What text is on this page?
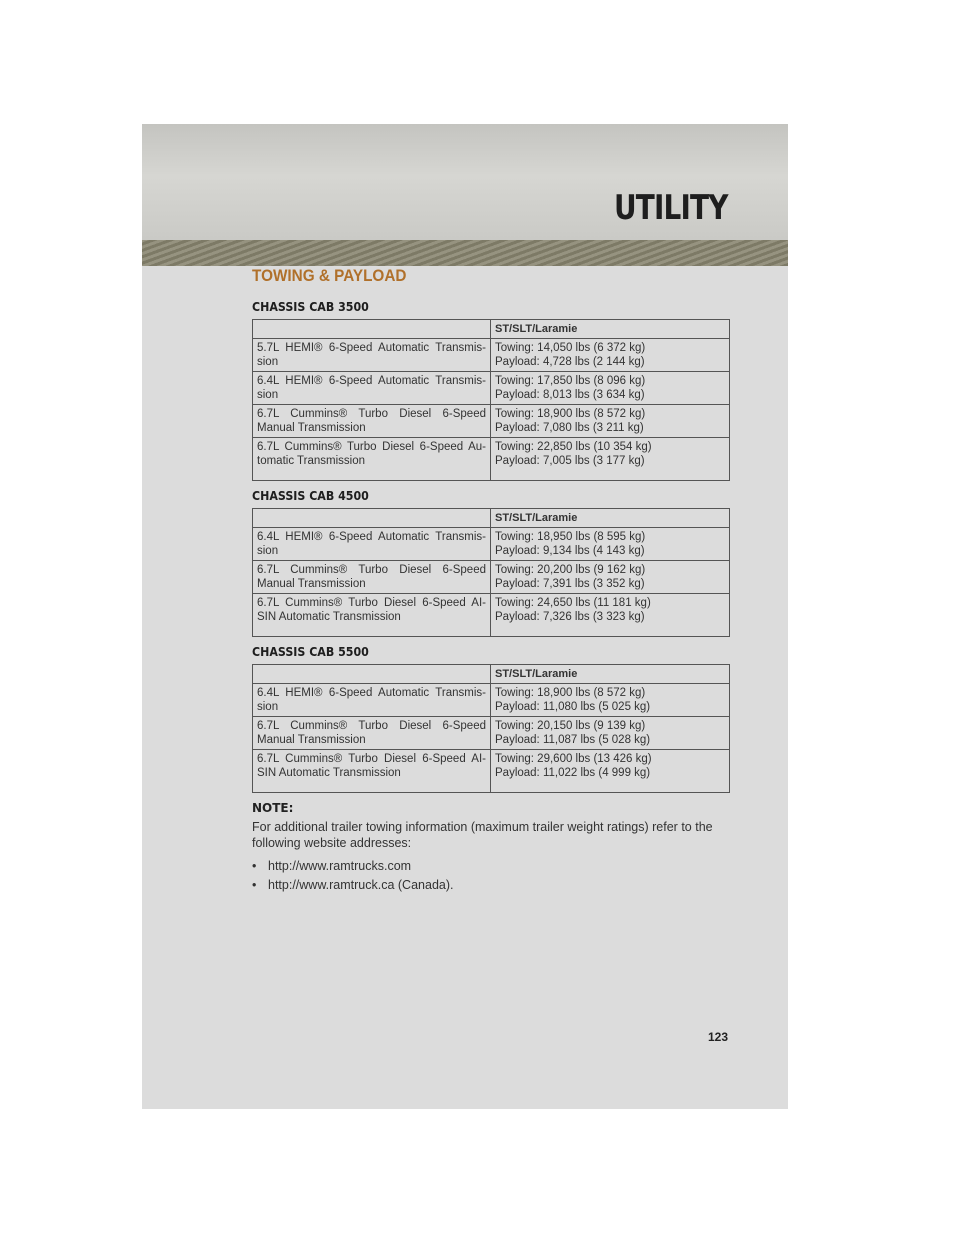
UTILITY
TOWING & PAYLOAD
CHASSIS CAB 3500
	ST/SLT/Laramie
5.7L HEMI® 6-Speed Automatic Transmis-sion	Towing: 14,050 lbs (6 372 kg)
Payload: 4,728 lbs (2 144 kg)

6.4L HEMI® 6-Speed Automatic Transmis-sion	Towing: 17,850 lbs (8 096 kg)
Payload: 8,013 lbs (3 634 kg)

6.7L Cummins® Turbo Diesel 6-Speed Manual Transmission	Towing: 18,900 lbs (8 572 kg)
Payload: 7,080 lbs (3 211 kg)

6.7L Cummins® Turbo Diesel 6-Speed Au-tomatic Transmission	Towing: 22,850 lbs (10 354 kg)
Payload: 7,005 lbs (3 177 kg)
CHASSIS CAB 4500
	ST/SLT/Laramie
6.4L HEMI® 6-Speed Automatic Transmis-sion	Towing: 18,950 lbs (8 595 kg)
Payload: 9,134 lbs (4 143 kg)

6.7L Cummins® Turbo Diesel 6-Speed Manual Transmission	Towing: 20,200 lbs (9 162 kg)
Payload: 7,391 lbs (3 352 kg)

6.7L Cummins® Turbo Diesel 6-Speed AI-SIN Automatic Transmission	Towing: 24,650 lbs (11 181 kg)
Payload: 7,326 lbs (3 323 kg)
CHASSIS CAB 5500
	ST/SLT/Laramie
6.4L HEMI® 6-Speed Automatic Transmis-sion	Towing: 18,900 lbs (8 572 kg)
Payload: 11,080 lbs (5 025 kg)

6.7L Cummins® Turbo Diesel 6-Speed Manual Transmission	Towing: 20,150 lbs (9 139 kg)
Payload: 11,087 lbs (5 028 kg)

6.7L Cummins® Turbo Diesel 6-Speed AI-SIN Automatic Transmission	Towing: 29,600 lbs (13 426 kg)
Payload: 11,022 lbs (4 999 kg)
NOTE:
For additional trailer towing information (maximum trailer weight ratings) refer to the following website addresses:
• http://www.ramtrucks.com
• http://www.ramtruck.ca (Canada).
123
